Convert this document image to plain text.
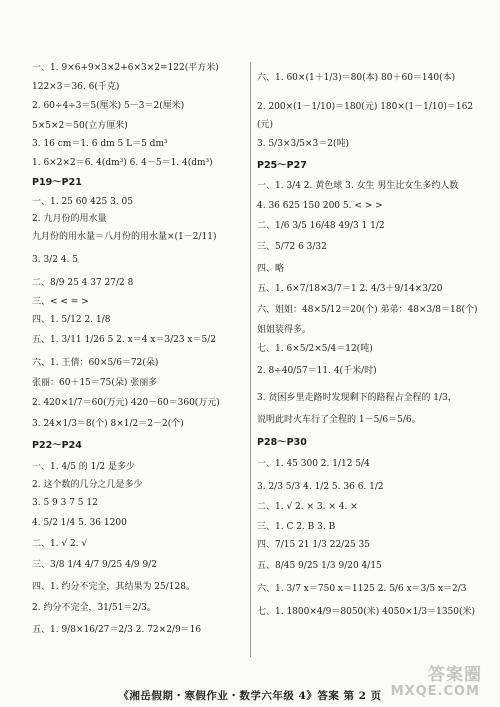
一、1. 9×6+9×3×2+6×3×2=122(平方米)
122×3＝36. 6(千克)
2. 60÷4÷3＝5(厘米) 5－3＝2(厘米)
5×5×2＝50(立方厘米)
3. 16 cm＝1. 6 dm 5 L＝5 dm³
1. 6×2×2＝6. 4(dm³) 6. 4－5＝1. 4(dm³)
P19～P21
一、1. 25 60 425 3. 05
2. 九月份的用水量
九月份的用水量＝八月份的用水量×(1－2/11)
3. 3/2 4. 5
二、8/9 25 4 37 27/2 8
三、< < = >
四、1. 5/12 2. 1/8
五、1. 3/11 1/26 5 2. x＝4 x＝3/23 x＝5/2
六、1. 王倩：60×5/6＝72(朵)
张丽：60＋15＝75(朵) 张丽多
2. 420×1/7＝60(万元) 420－60＝360(万元)
3. 24×1/3＝8(个) 8×1/2＝2－2(个)
P22～P24
一、1. 4/5 的 1/2 是多少
2. 这个数的几分之几是多少
3. 5 9 3 7 5 12
4. 5/2 1/4 5. 36 1200
二、1. √ 2. √
三、3/8 1/4 4/7 9/25 4/9 9/2
四、1. 约分不完全，其结果为 25/128。
2. 约分不完全，31/51＝2/3。
五、1. 9/8×16/27＝2/3 2. 72×2/9＝16
六、1. 60×(1＋1/3)＝80(本) 80＋60＝140(本)
2. 200×(1－1/10)＝180(元) 180×(1－1/10)＝162
(元)
3. 5/3×3/5×3＝2(吨)
P25～P27
一、1. 3/4 2. 黄色球 3. 女生 男生比女生多约人数
4. 36 625 150 200 5. < > >
二、1/6 3/5 16/48 49/3 1 1/2
三、5/72 6 3/32
四、略
五、1. 6×7/18×3/7＝1 2. 4/3＋9/14×3/20
六、姐姐：48×5/12＝20(个) 弟弟：48×3/8＝18(个)
姐姐装得多。
七、1. 6×5/2×5/4＝12(吨)
2. 8÷40/57＝11. 4(千米/时)
3. 贫困乡里走路时发现剩下的路程占全程的 1/3，
说明此时火车行了全程的 1－5/6＝5/6。
P28～P30
一、1. 45 300 2. 1/12 5/4
3. 2/3 5/3 4. 1/2 5. 36 6. 1/2
二、1. √ 2. × 3. × 4. ×
三、1. C 2. B 3. B
四、7/15 21 1/3 22/25 35
五、8/45 9/25 1/3 9/20 4/15
六、1. 3/7 x＝750 x＝1125 2. 5/6 x＝3/5 x＝2/3
七、1. 1800×4/9＝8050(米) 4050×1/3＝1350(米)
《湘岳假期・寒假作业・数学六年级 4》答案 第 2 页
答案圈
MXQE.COM
